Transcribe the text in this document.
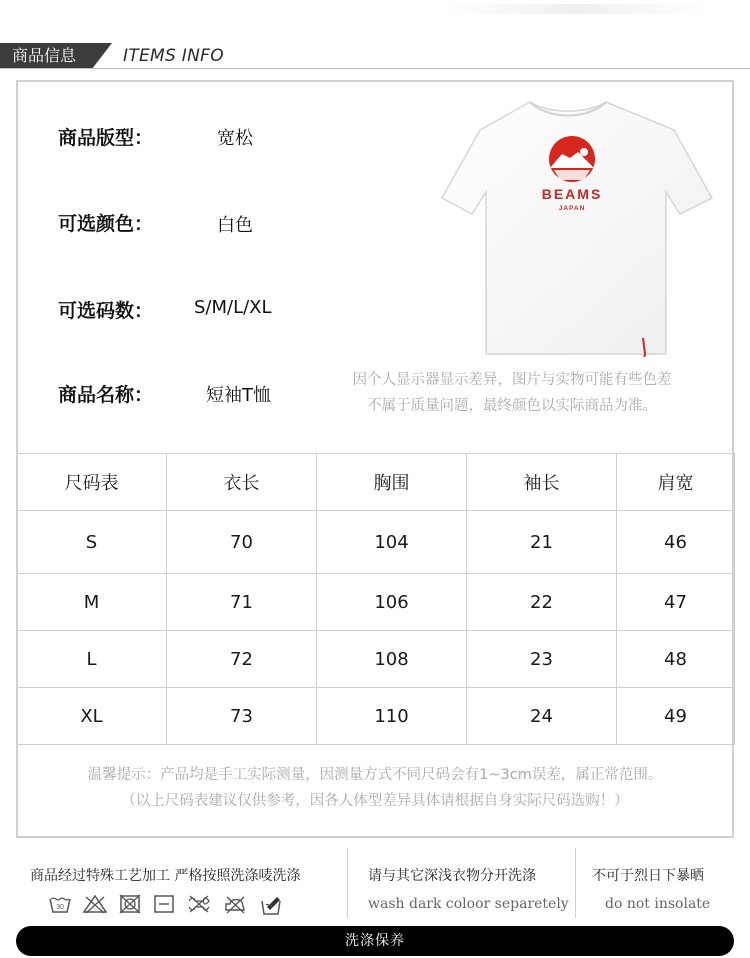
商品信息	ITEMS INFO
商品版型：	宽松
可选颜色：	白色
可选码数： S/M/L/XL
商品名称：	短袖T恤
BEAMS
JAPAN
因个人显示器显示差异，图片与实物可能有些色差
不属于质量问题，最终颜色以实际商品为准。
尺码表	衣长	胸围	袖长	肩宽
S	70	104	21	46
M	71	106	22	47
L	72	108	23	48
XL	73	110	24	49
温馨提示：产品均是手工实际测量，因测量方式不同尺码会有1~3cm误差，属正常范围。
（以上尺码表建议仅供参考，因各人体型差异具体请根据自身实际尺码选购！）
商品经过特殊工艺加工 严格按照洗涤唛洗涤	请与其它深浅衣物分开洗涤
wash dark coloor separetely
不可于烈日下暴晒
do not insolate
30
洗涤保养
